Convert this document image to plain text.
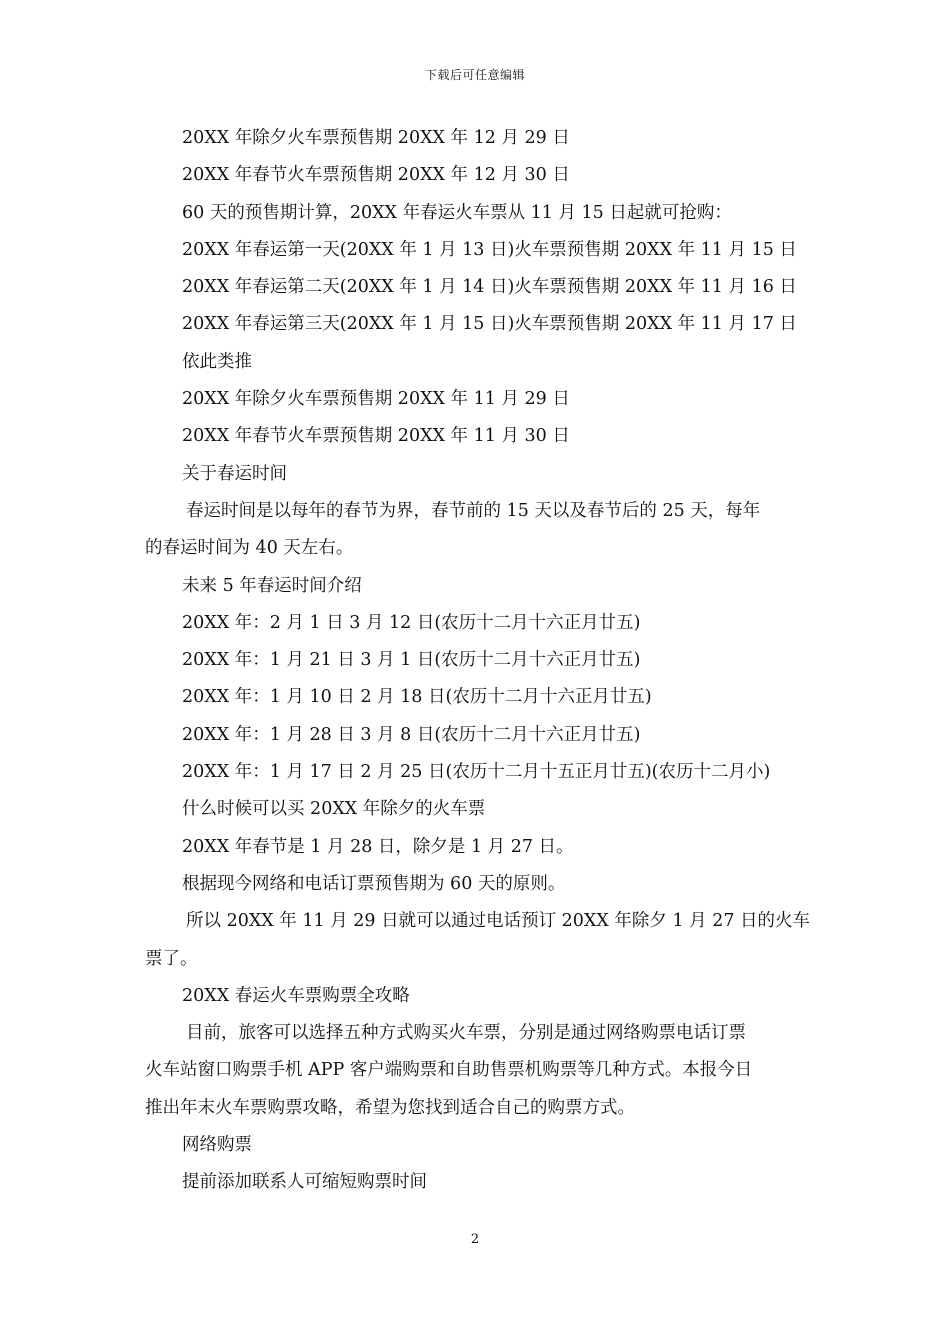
下载后可任意编辑
20XX 年除夕火车票预售期 20XX 年 12 月 29 日
20XX 年春节火车票预售期 20XX 年 12 月 30 日
60 天的预售期计算，20XX 年春运火车票从 11 月 15 日起就可抢购：
20XX 年春运第一天(20XX 年 1 月 13 日)火车票预售期 20XX 年 11 月 15 日
20XX 年春运第二天(20XX 年 1 月 14 日)火车票预售期 20XX 年 11 月 16 日
20XX 年春运第三天(20XX 年 1 月 15 日)火车票预售期 20XX 年 11 月 17 日
依此类推
20XX 年除夕火车票预售期 20XX 年 11 月 29 日
20XX 年春节火车票预售期 20XX 年 11 月 30 日
关于春运时间
春运时间是以每年的春节为界，春节前的 15 天以及春节后的 25 天，每年
的春运时间为 40 天左右。
未来 5 年春运时间介绍
20XX 年：2 月 1 日 3 月 12 日(农历十二月十六正月廿五)
20XX 年：1 月 21 日 3 月 1 日(农历十二月十六正月廿五)
20XX 年：1 月 10 日 2 月 18 日(农历十二月十六正月廿五)
20XX 年：1 月 28 日 3 月 8 日(农历十二月十六正月廿五)
20XX 年：1 月 17 日 2 月 25 日(农历十二月十五正月廿五)(农历十二月小)
什么时候可以买 20XX 年除夕的火车票
20XX 年春节是 1 月 28 日，除夕是 1 月 27 日。
根据现今网络和电话订票预售期为 60 天的原则。
所以 20XX 年 11 月 29 日就可以通过电话预订 20XX 年除夕 1 月 27 日的火车
票了。
20XX 春运火车票购票全攻略
目前，旅客可以选择五种方式购买火车票，分别是通过网络购票电话订票
火车站窗口购票手机 APP 客户端购票和自助售票机购票等几种方式。本报今日
推出年末火车票购票攻略，希望为您找到适合自己的购票方式。
网络购票
提前添加联系人可缩短购票时间
2
